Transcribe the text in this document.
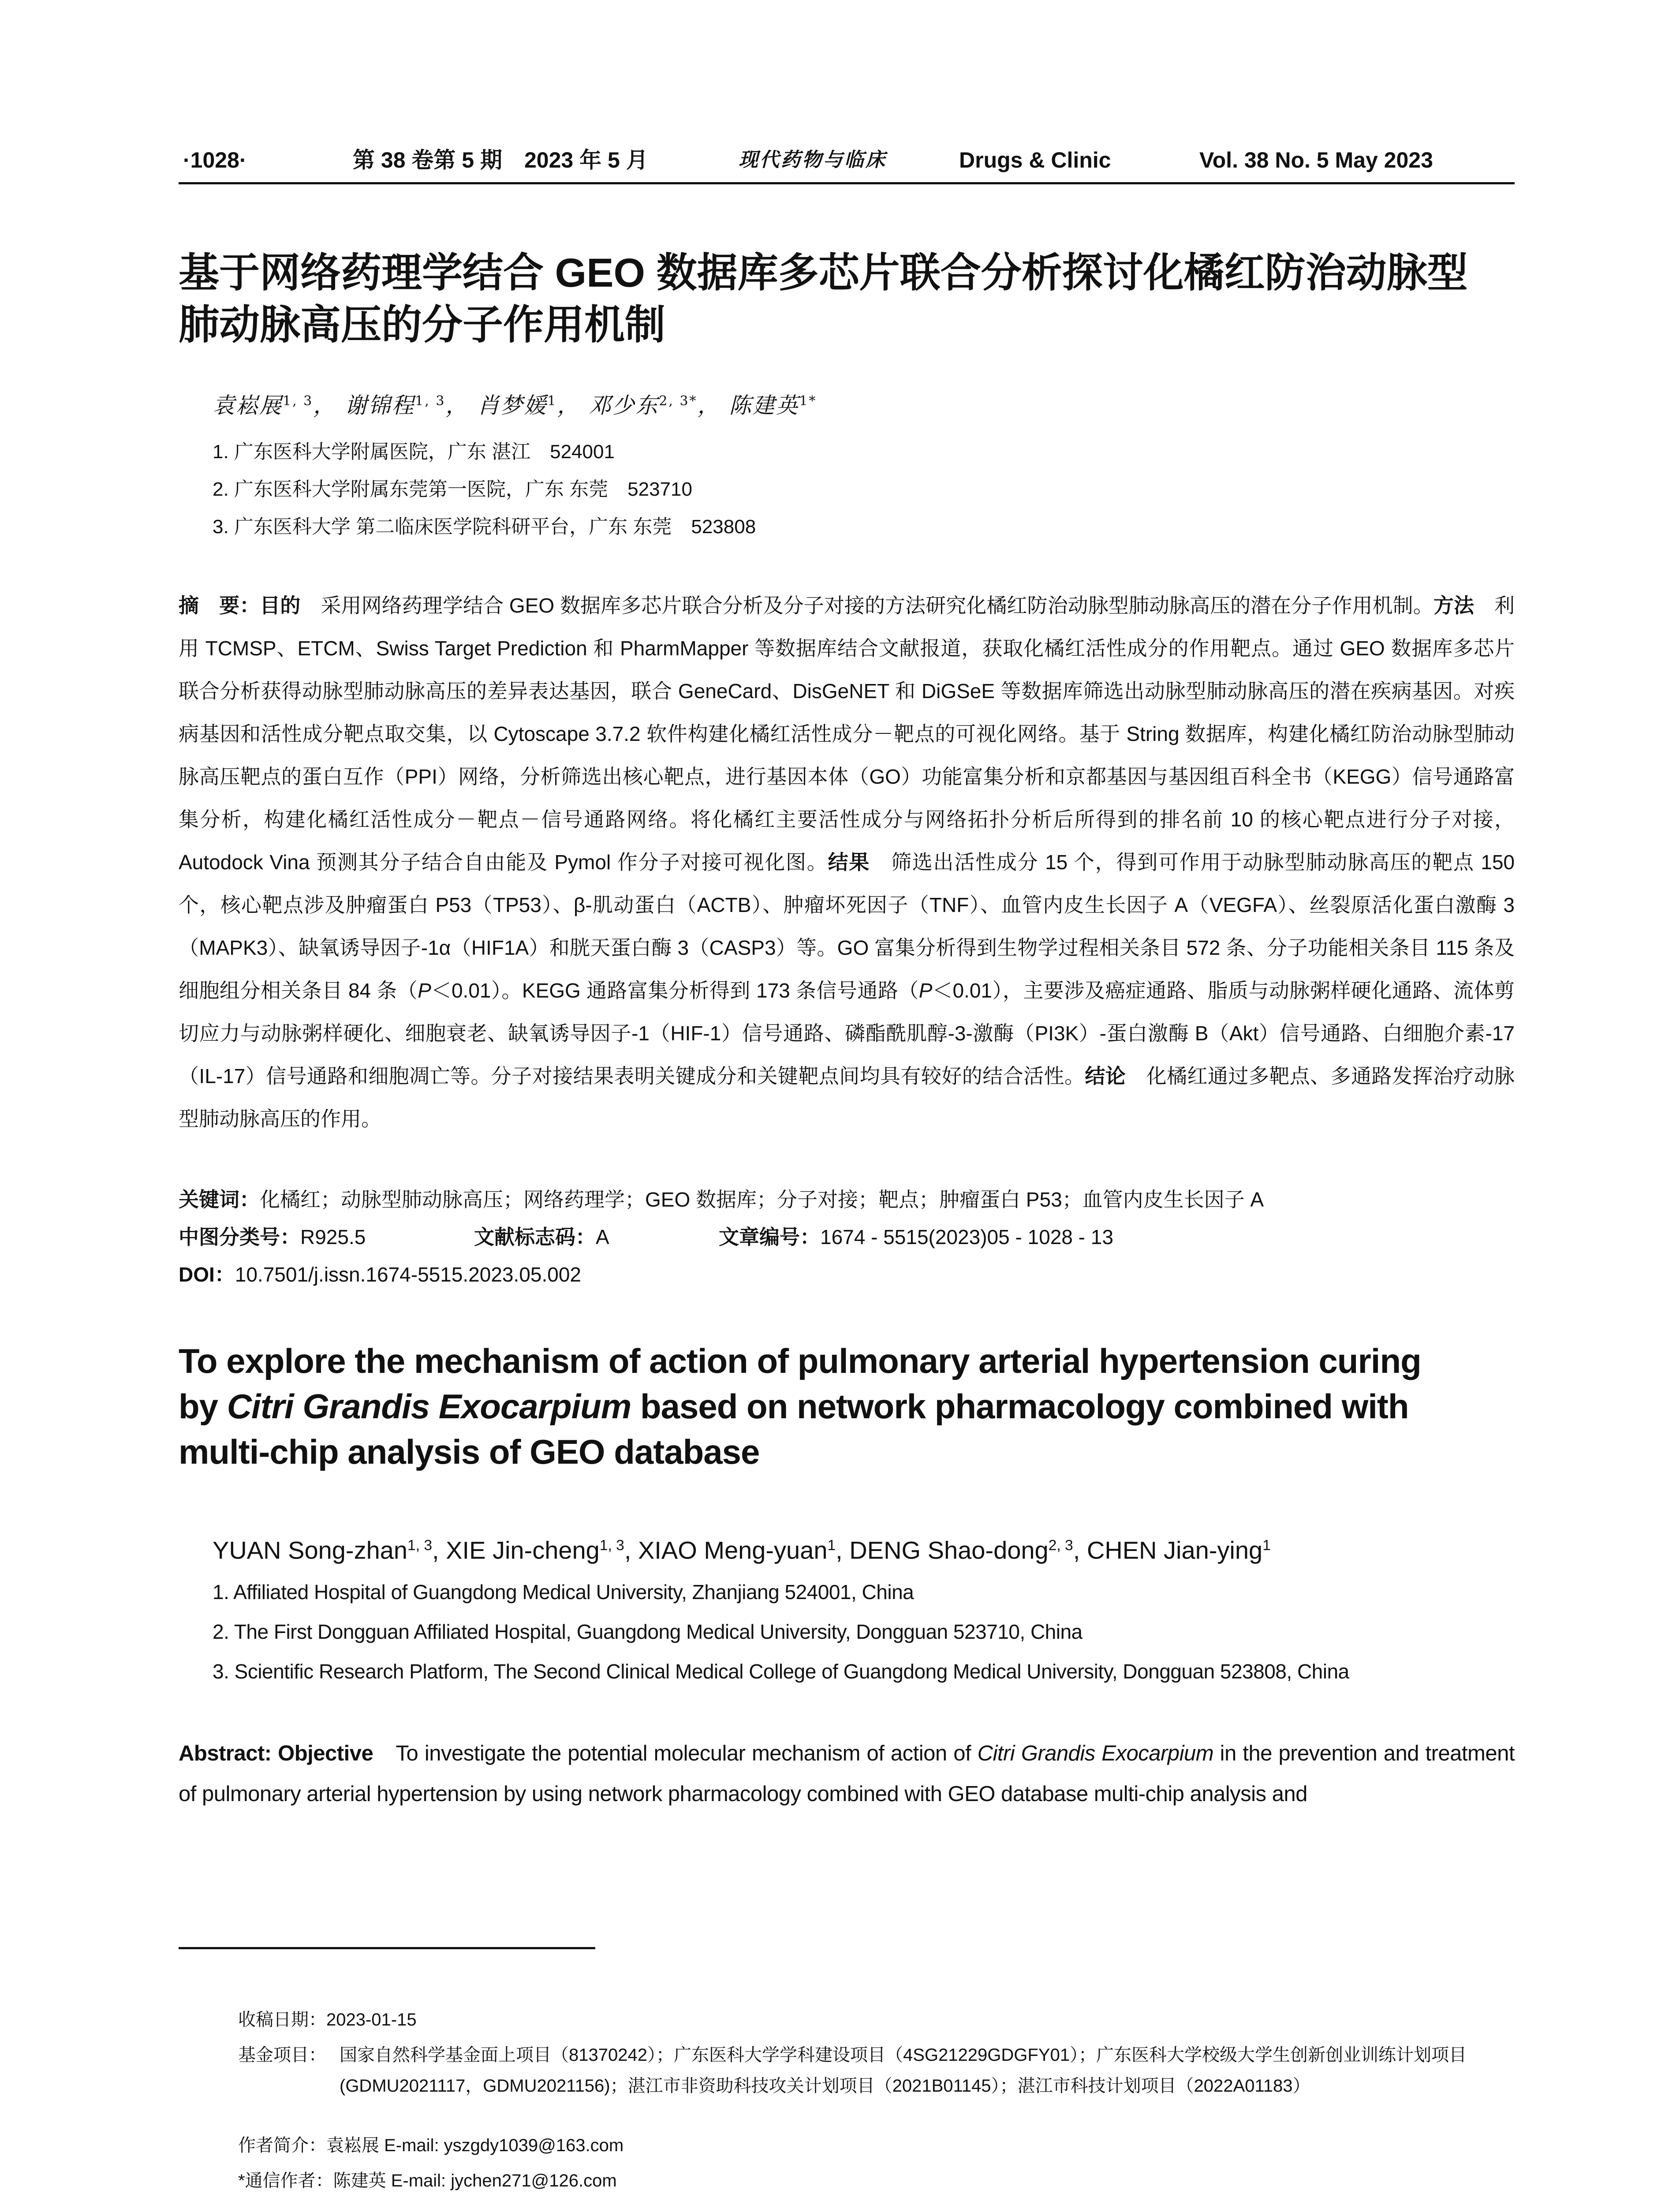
·1028·	第 38 卷第 5 期　2023 年 5 月	现代药物与临床	Drugs & Clinic	Vol. 38 No. 5 May 2023
基于网络药理学结合 GEO 数据库多芯片联合分析探讨化橘红防治动脉型
肺动脉高压的分子作用机制
袁崧展$^{1, 3}$， 谢锦程$^{1, 3}$， 肖梦媛$^1$， 邓少东$^{2, 3*}$， 陈建英$^{1*}$
1. 广东医科大学附属医院，广东 湛江　524001
2. 广东医科大学附属东莞第一医院，广东 东莞　523710
3. 广东医科大学 第二临床医学院科研平台，广东 东莞　523808

摘　要：目的　采用网络药理学结合 GEO 数据库多芯片联合分析及分子对接的方法研究化橘红防治动脉型肺动脉高压的潜在分子作用机制。方法　利用 TCMSP、ETCM、Swiss Target Prediction 和 PharmMapper 等数据库结合文献报道，获取化橘红活性成分的作用靶点。通过 GEO 数据库多芯片联合分析获得动脉型肺动脉高压的差异表达基因，联合 GeneCard、DisGeNET 和 DiGSeE 等数据库筛选出动脉型肺动脉高压的潜在疾病基因。对疾病基因和活性成分靶点取交集，以 Cytoscape 3.7.2 软件构建化橘红活性成分－靶点的可视化网络。基于 String 数据库，构建化橘红防治动脉型肺动脉高压靶点的蛋白互作（PPI）网络，分析筛选出核心靶点，进行基因本体（GO）功能富集分析和京都基因与基因组百科全书（KEGG）信号通路富集分析，构建化橘红活性成分－靶点－信号通路网络。将化橘红主要活性成分与网络拓扑分析后所得到的排名前 10 的核心靶点进行分子对接，Autodock Vina 预测其分子结合自由能及 Pymol 作分子对接可视化图。结果　筛选出活性成分 15 个，得到可作用于动脉型肺动脉高压的靶点 150 个，核心靶点涉及肿瘤蛋白 P53（TP53）、β-肌动蛋白（ACTB）、肿瘤坏死因子（TNF）、血管内皮生长因子 A（VEGFA）、丝裂原活化蛋白激酶 3（MAPK3）、缺氧诱导因子-1α（HIF1A）和胱天蛋白酶 3（CASP3）等。GO 富集分析得到生物学过程相关条目 572 条、分子功能相关条目 115 条及细胞组分相关条目 84 条（P＜0.01）。KEGG 通路富集分析得到 173 条信号通路（P＜0.01），主要涉及癌症通路、脂质与动脉粥样硬化通路、流体剪切应力与动脉粥样硬化、细胞衰老、缺氧诱导因子-1（HIF-1）信号通路、磷酯酰肌醇-3-激酶（PI3K）-蛋白激酶 B（Akt）信号通路、白细胞介素-17（IL-17）信号通路和细胞凋亡等。分子对接结果表明关键成分和关键靶点间均具有较好的结合活性。结论　化橘红通过多靶点、多通路发挥治疗动脉型肺动脉高压的作用。

关键词：化橘红；动脉型肺动脉高压；网络药理学；GEO 数据库；分子对接；靶点；肿瘤蛋白 P53；血管内皮生长因子 A
中图分类号：R925.5	文献标志码：A	文章编号：1674 - 5515(2023)05 - 1028 - 13
DOI：10.7501/j.issn.1674-5515.2023.05.002
To explore the mechanism of action of pulmonary arterial hypertension curing
by Citri Grandis Exocarpium based on network pharmacology combined with
multi-chip analysis of GEO database
YUAN Song-zhan$^{1, 3}$, XIE Jin-cheng$^{1, 3}$, XIAO Meng-yuan$^1$, DENG Shao-dong$^{2, 3}$, CHEN Jian-ying$^1$
1. Affiliated Hospital of Guangdong Medical University, Zhanjiang 524001, China
2. The First Dongguan Affiliated Hospital, Guangdong Medical University, Dongguan 523710, China
3. Scientific Research Platform, The Second Clinical Medical College of Guangdong Medical University, Dongguan 523808, China

Abstract: Objective　To investigate the potential molecular mechanism of action of Citri Grandis Exocarpium in the prevention and treatment of pulmonary arterial hypertension by using network pharmacology combined with GEO database multi-chip analysis and

收稿日期：2023-01-15
基金项目： 国家自然科学基金面上项目（81370242）；广东医科大学学科建设项目（4SG21229GDGFY01）；广东医科大学校级大学生创新创业训练计划项目(GDMU2021117，GDMU2021156)；湛江市非资助科技攻关计划项目（2021B01145）；湛江市科技计划项目（2022A01183）
作者简介：袁崧展 E-mail: yszgdy1039@163.com
*通信作者：陈建英 E-mail: jychen271@126.com
